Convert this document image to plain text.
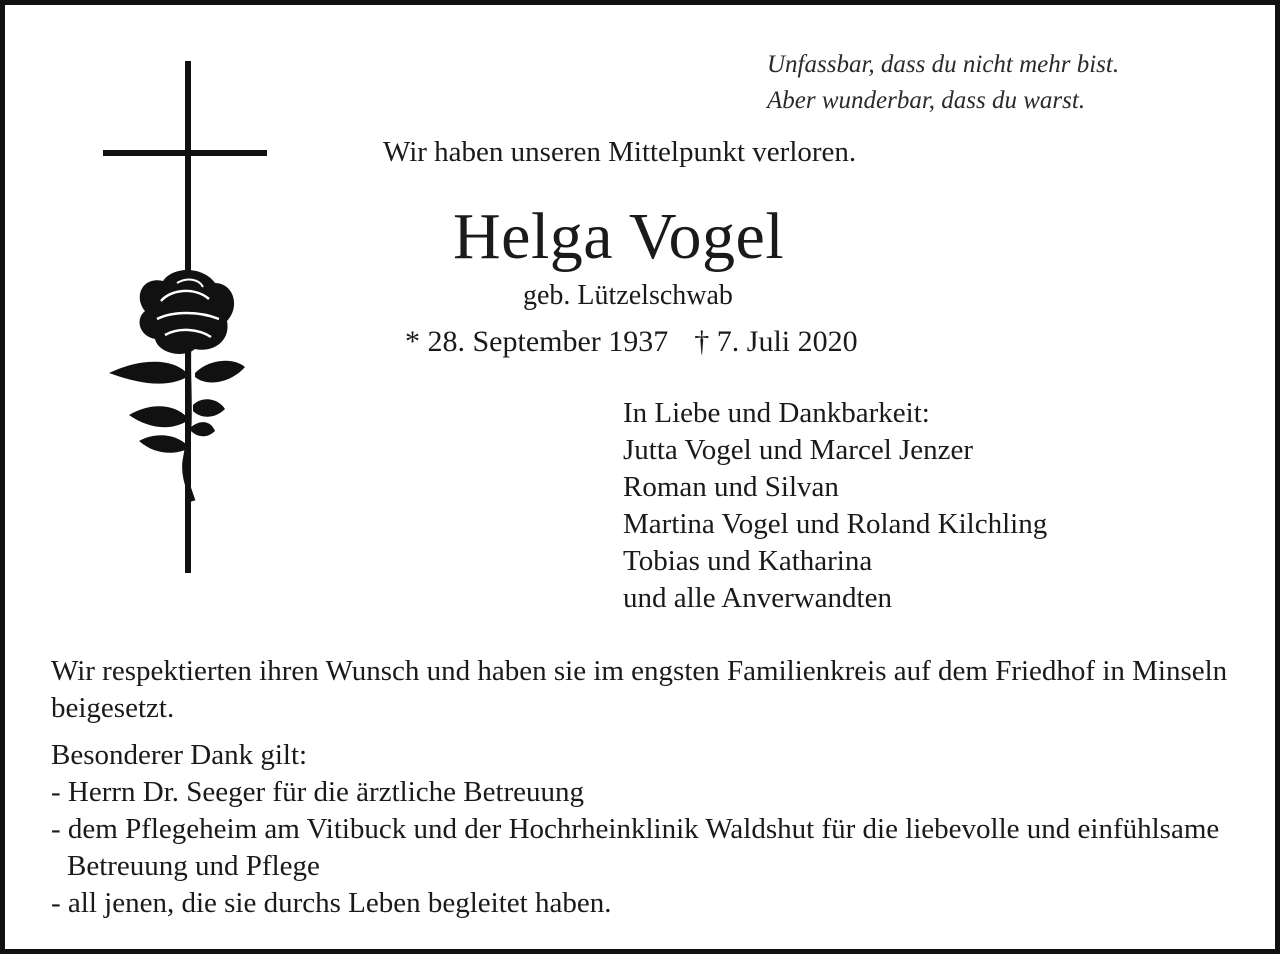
Unfassbar, dass du nicht mehr bist.
Aber wunderbar, dass du warst.
Wir haben unseren Mittelpunkt verloren.
Helga Vogel
geb. Lützelschwab
* 28. September 1937 † 7. Juli 2020
In Liebe und Dankbarkeit:
Jutta Vogel und Marcel Jenzer
Roman und Silvan
Martina Vogel und Roland Kilchling
Tobias und Katharina
und alle Anverwandten
Wir respektierten ihren Wunsch und haben sie im engsten Familienkreis auf dem Friedhof in Minseln beigesetzt.
Besonderer Dank gilt:
- Herrn Dr. Seeger für die ärztliche Betreuung
- dem Pflegeheim am Vitibuck und der Hochrheinklinik Waldshut für die liebevolle und einfühlsame Betreuung und Pflege
- all jenen, die sie durchs Leben begleitet haben.
